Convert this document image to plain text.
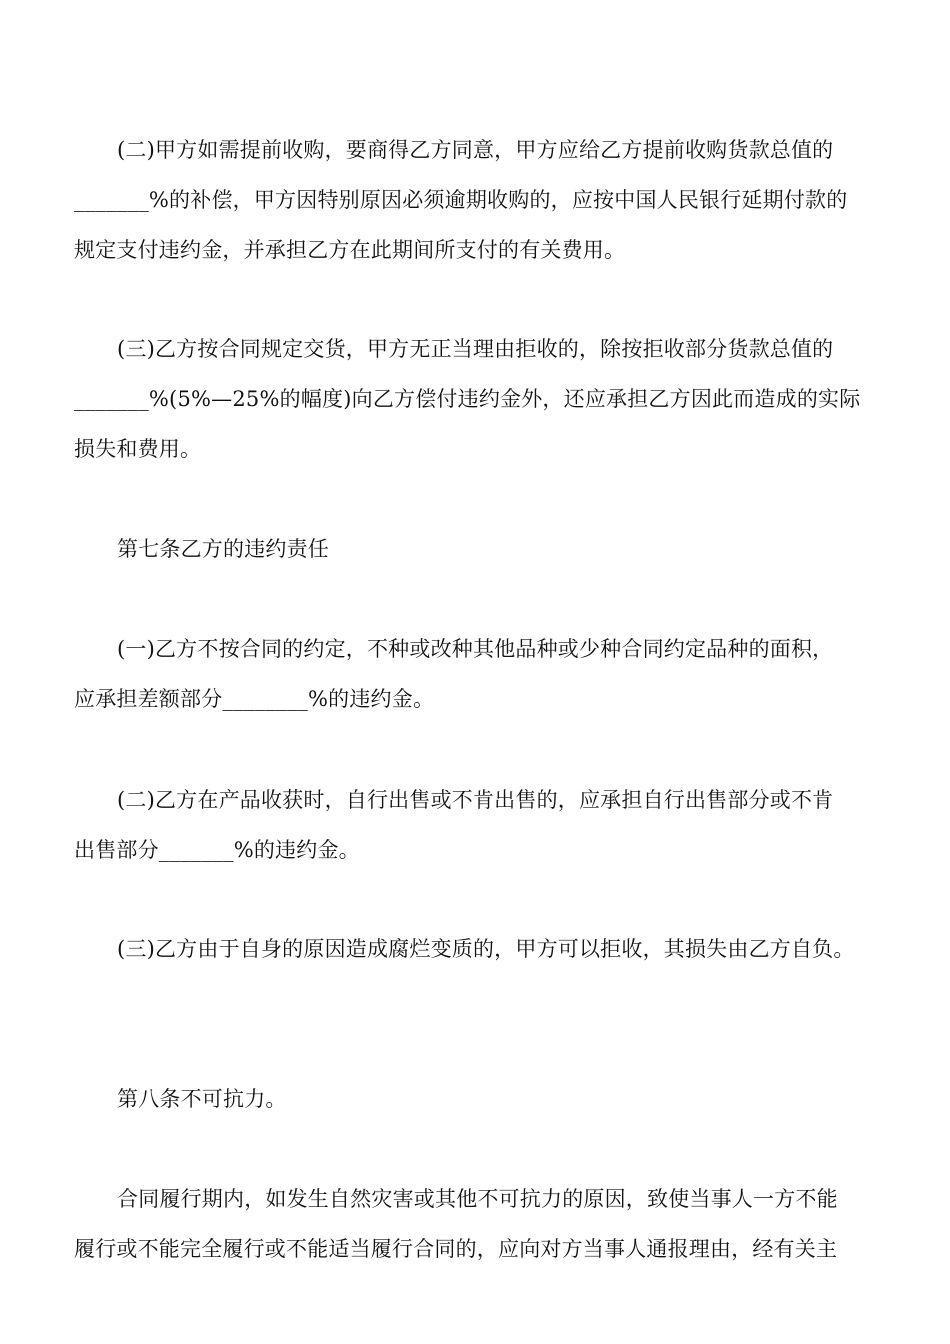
(二)甲方如需提前收购，要商得乙方同意，甲方应给乙方提前收购货款总值的
_______%的补偿，甲方因特别原因必须逾期收购的，应按中国人民银行延期付款的
规定支付违约金，并承担乙方在此期间所支付的有关费用。
(三)乙方按合同规定交货，甲方无正当理由拒收的，除按拒收部分货款总值的
_______%(5%—25%的幅度)向乙方偿付违约金外，还应承担乙方因此而造成的实际
损失和费用。
第七条乙方的违约责任
(一)乙方不按合同的约定，不种或改种其他品种或少种合同约定品种的面积，
应承担差额部分________%的违约金。
(二)乙方在产品收获时，自行出售或不肯出售的，应承担自行出售部分或不肯
出售部分_______%的违约金。
(三)乙方由于自身的原因造成腐烂变质的，甲方可以拒收，其损失由乙方自负。
第八条不可抗力。
合同履行期内，如发生自然灾害或其他不可抗力的原因，致使当事人一方不能
履行或不能完全履行或不能适当履行合同的，应向对方当事人通报理由，经有关主
